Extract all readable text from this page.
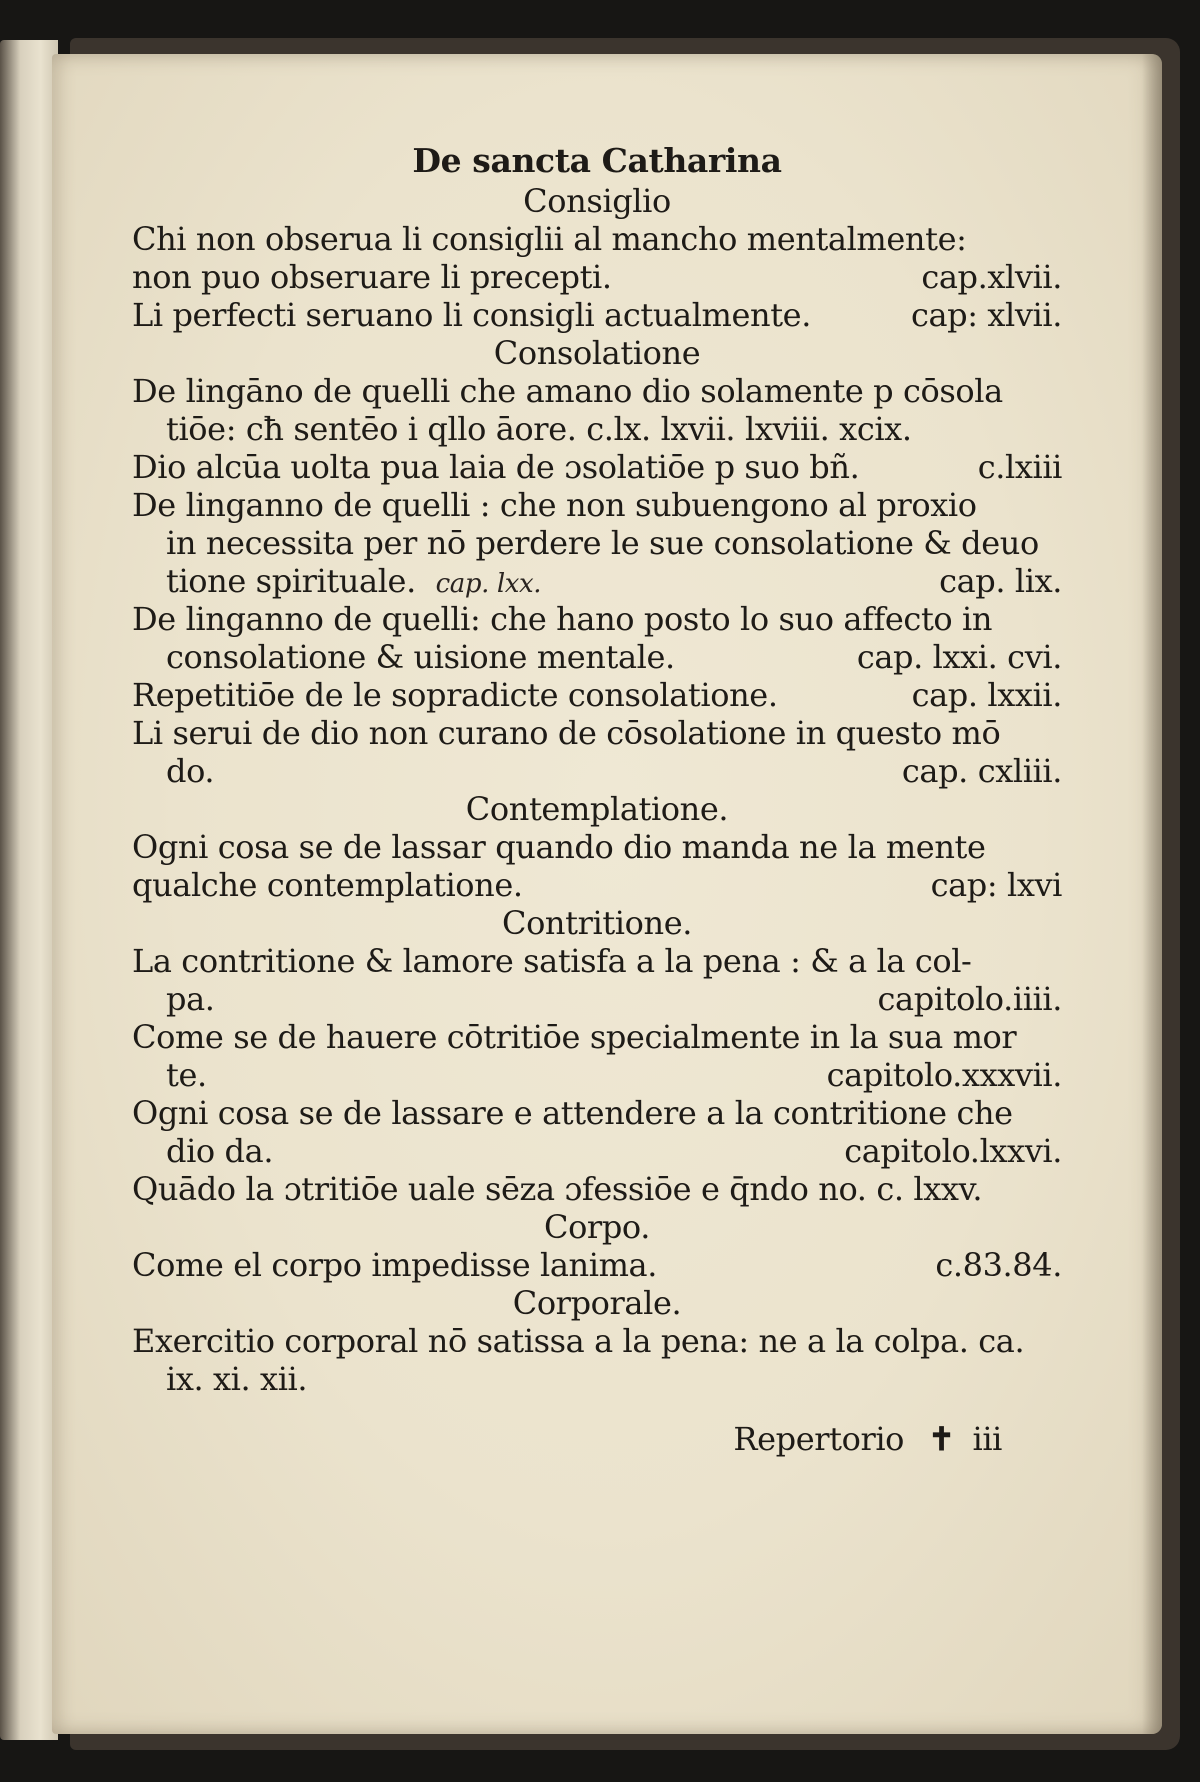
De sancta Catharina
Consiglio
Chi non obserua li consiglii al mancho mentalmente:
non puo obseruare li precepti.	cap.xlvii.
Li perfecti seruano li consigli actualmente.	cap: xlvii.
Consolatione
De lingāno de quelli che amano dio solamente p cōsola
tiōe: cħ sentēo i qllo āore. c.lx. lxvii. lxviii. xcix.
Dio alcūa uolta pua laia de ɔsolatiōe p suo bñ.	c.lxiii
De linganno de quelli : che non subuengono al proxio
in necessita per nō perdere le sue consolatione & deuo
tione spirituale. cap. lxx.	cap. lix.
De linganno de quelli: che hano posto lo suo affecto in
consolatione & uisione mentale.	cap. lxxi. cvi.
Repetitiōe de le sopradicte consolatione.	cap. lxxii.
Li serui de dio non curano de cōsolatione in questo mō
do.	cap. cxliii.
Contemplatione.
Ogni cosa se de lassar quando dio manda ne la mente
qualche contemplatione.	cap: lxvi
Contritione.
La contritione & lamore satisfa a la pena : & a la col-
pa.	capitolo.iiii.
Come se de hauere cōtritiōe specialmente in la sua mor
te.	capitolo.xxxvii.
Ogni cosa se de lassare e attendere a la contritione che
dio da.	capitolo.lxxvi.
Quādo la ɔtritiōe uale sēza ɔfessiōe e q̄ndo no. c. lxxv.
Corpo.
Come el corpo impedisse lanima.	c.83.84.
Corporale.
Exercitio corporal nō satissa a la pena: ne a la colpa. ca.
ix. xi. xii.
Repertorio ✝ iii
